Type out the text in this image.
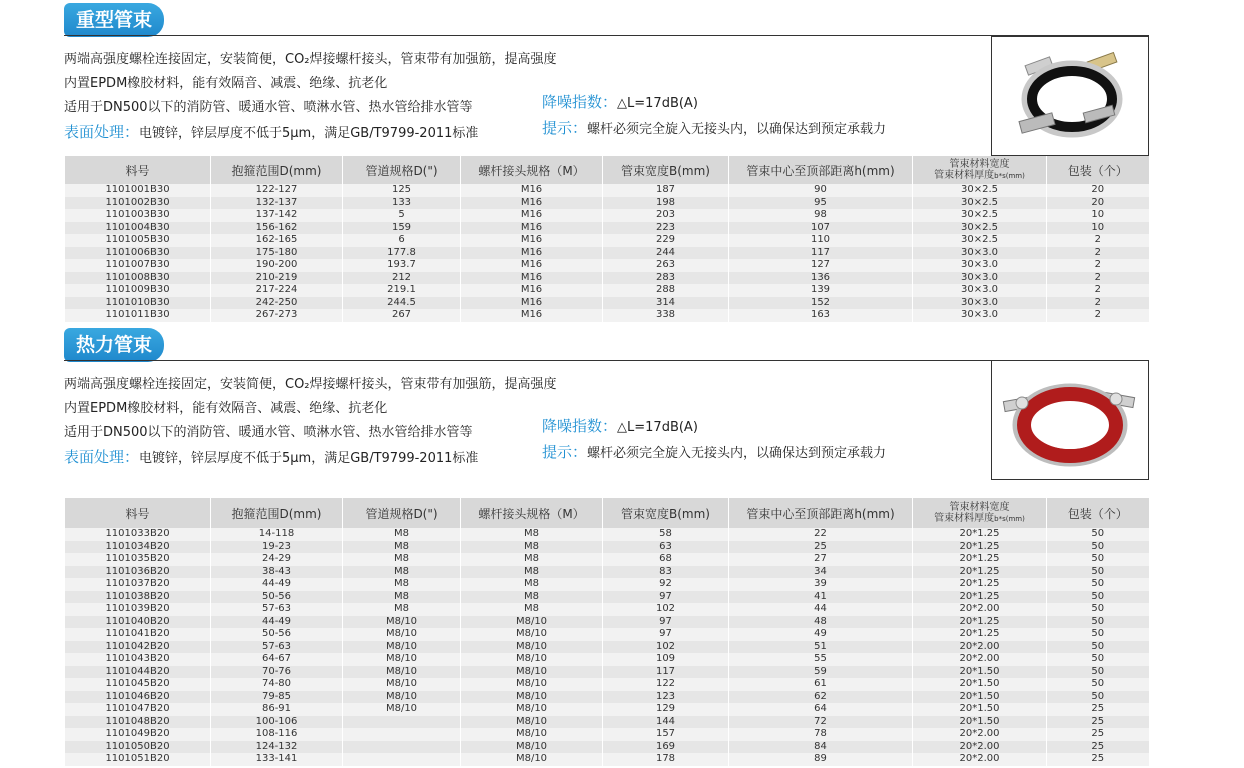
重型管束
两端高强度螺栓连接固定，安装简便，CO₂焊接螺杆接头，管束带有加强筋，提高强度
内置EPDM橡胶材料，能有效隔音、减震、绝缘、抗老化
适用于DN500以下的消防管、暖通水管、喷淋水管、热水管给排水管等
表面处理：电镀锌，锌层厚度不低于5μm，满足GB/T9799-2011标准
降噪指数：△L=17dB(A)
提示：螺杆必须完全旋入无接头内，以确保达到预定承载力
料号	抱箍范围D(mm)	管道规格D(")	螺杆接头规格（M）	管束宽度B(mm)	管束中心至顶部距离h(mm)	管束材料宽度
管束材料厚度b*s(mm)	包装（个）
1101001B30	122-127	125	M16	187	90	30×2.5	20
1101002B30	132-137	133	M16	198	95	30×2.5	20
1101003B30	137-142	5	M16	203	98	30×2.5	10
1101004B30	156-162	159	M16	223	107	30×2.5	10
1101005B30	162-165	6	M16	229	110	30×2.5	2
1101006B30	175-180	177.8	M16	244	117	30×3.0	2
1101007B30	190-200	193.7	M16	263	127	30×3.0	2
1101008B30	210-219	212	M16	283	136	30×3.0	2
1101009B30	217-224	219.1	M16	288	139	30×3.0	2
1101010B30	242-250	244.5	M16	314	152	30×3.0	2
1101011B30	267-273	267	M16	338	163	30×3.0	2
热力管束
两端高强度螺栓连接固定，安装简便，CO₂焊接螺杆接头，管束带有加强筋，提高强度
内置EPDM橡胶材料，能有效隔音、减震、绝缘、抗老化
适用于DN500以下的消防管、暖通水管、喷淋水管、热水管给排水管等
表面处理：电镀锌，锌层厚度不低于5μm，满足GB/T9799-2011标准
降噪指数：△L=17dB(A)
提示：螺杆必须完全旋入无接头内，以确保达到预定承载力
料号	抱箍范围D(mm)	管道规格D(")	螺杆接头规格（M）	管束宽度B(mm)	管束中心至顶部距离h(mm)	管束材料宽度
管束材料厚度b*s(mm)	包装（个）
1101033B20	14-118	M8	M8	58	22	20*1.25	50
1101034B20	19-23	M8	M8	63	25	20*1.25	50
1101035B20	24-29	M8	M8	68	27	20*1.25	50
1101036B20	38-43	M8	M8	83	34	20*1.25	50
1101037B20	44-49	M8	M8	92	39	20*1.25	50
1101038B20	50-56	M8	M8	97	41	20*1.25	50
1101039B20	57-63	M8	M8	102	44	20*2.00	50
1101040B20	44-49	M8/10	M8/10	97	48	20*1.25	50
1101041B20	50-56	M8/10	M8/10	97	49	20*1.25	50
1101042B20	57-63	M8/10	M8/10	102	51	20*2.00	50
1101043B20	64-67	M8/10	M8/10	109	55	20*2.00	50
1101044B20	70-76	M8/10	M8/10	117	59	20*1.50	50
1101045B20	74-80	M8/10	M8/10	122	61	20*1.50	50
1101046B20	79-85	M8/10	M8/10	123	62	20*1.50	50
1101047B20	86-91	M8/10	M8/10	129	64	20*1.50	25
1101048B20	100-106		M8/10	144	72	20*1.50	25
1101049B20	108-116		M8/10	157	78	20*2.00	25
1101050B20	124-132		M8/10	169	84	20*2.00	25
1101051B20	133-141		M8/10	178	89	20*2.00	25
